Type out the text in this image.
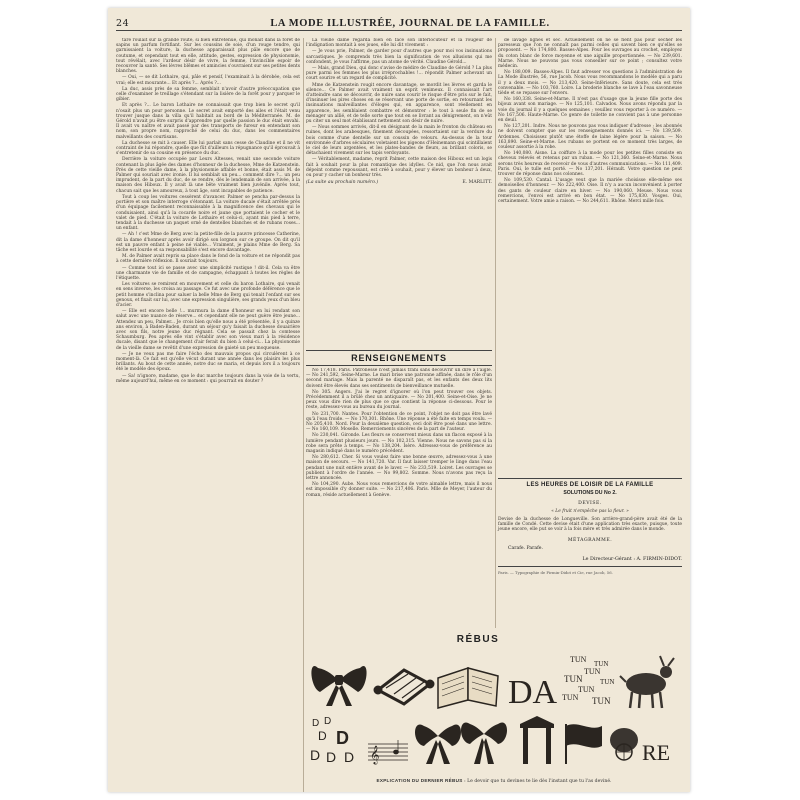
24	LA MODE ILLUSTRÉE, JOURNAL DE LA FAMILLE.

tare roulait sur la grande route, si bien entretenue, qui monait dans la forêt de sapins un parfum fortifiant. Sur les coussins de soie, d'un rouge tendre, qui garnissaient la voiture, la duchesse apparaissait plus pâle encore que de coutume, et cependant tout en elle, attitude, gestes, expression de physionomie, tout révélait, avec l'ardeur désir de vivre, la femme, l'invincible espoir de recouvrer la santé. Ses lèvres blêmes et amincies s'ouvraient sur ses petites dents blanches.

— Oui, — se dit Lothaire, qui, pâle et pensif, l'examinait à la dérobée, cela est vrai; elle est mourante... Et après ?... Après ?...

La duc, assis près de sa femme, semblait n'avoir d'autre préoccupation que celle d'examiner le treillage s'étendant sur la lisière de la forêt pour y parquer le gibier.

Et après ?... Le baron Lothaire ne connaissait que trop bien le secret qu'il n'osait plus un pour personne. Le secret avait emporté des ailes et l'était venu trouver jusque dans la villa qu'il habitait au bord de la Méditerranée. M. de Gérold n'avait pu être surpris d'apprendre par quelle passion le duc était envahi. Il avait vu naître et avait passé par des transports de fureur en entendant son nom, son propre nom, rapproché de celui du duc, dans les commentaires malveillants des courtisans.

La duchesse se mit à causer. Elle lui parlait sans cesse de Claudine et il ne vit contraint de lui répondre, quelle que fût d'ailleurs la répugnance qu'il éprouvait à s'entretenir de sa cousine en présence du duc.

Derrière la voiture occupée par Leurs Altesses, venait une seconde voiture contenant la plus âgée des dames d'honneur de la duchesse, Mme de Katzenstein. Près de cette vieille dame, à la physionomie affable et bonne, était assis M. de Palmer qui souriait avec ironie. Il lui semblait un peu... comment dire ?... un peu imprudent, de la part du duc, de se rendre, dès le lendemain de son arrivée, à la maison des Hiboux. Il y avait là une bête vraiment bien juvénile. Après tout, chacun sait que les amoureux, à tout âge, sont incapables de patience.

Tout à coup les voitures cessèrent d'avancer. Palmer se pencha par-dessus la portière et son maître interroge s'étonnant. La voiture ducale s'était arrêtée près d'un équipage facilement reconnaissable à la magnificence des chevaux qui le conduisaient, ainsi qu'à la cocarde noire et jaune que portaient le cocher et le valet de pied. C'était la voiture de Lothaire et celui-ci, ayant mis pied à terre, tendait à la duchesse un paquet orné de dentelles blanches et de rubans roses... un enfant.

— Ah ! c'est Mme de Berg avec la petite-fille de la pauvre princesse Catherine, dit la dame d'honneur après avoir dirigé son lorgnon sur ce groupe. On dit qu'il est un pauvre enfant à peine né viable... Vraiment, je plains Mme de Berg. Sa tâche est lourde et sa responsabilité s'est encore davantage.

M. de Palmer avait repris sa place dans le fond de la voiture et ne répondit pas à cette dernière réflexion. Il souriait toujours.

— Comme tout ici se passe avec une simplicité rustique ! dit-il. Cela va être une charmante vie de famille et de campagne, échappant à toutes les règles de l'étiquette.

Les voitures se remirent en mouvement et celle du baron Lothaire, qui venait en sens inverse, les croisa au passage. Ce fut avec une profonde déférence que le petit homme s'inclina pour saluer la belle Mme de Berg qui tenait l'enfant sur ses genoux, et fixait sur lui, avec une expression singulière, ses grands yeux d'un bleu d'acier.

— Elle est encore belle !... murmura la dame d'honneur en lui rendant son salut avec une nuance de réserve... et cependant elle ne peut guère être jeune... Attendez un peu, Palmer... Je crois bien qu'elle nous a été présentée, il y a quinze ans environ, à Baden-Baden, durant un séjour qu'y faisait la duchesse douairière avec son fils, notre jeune duc régnant. Cela se passait chez la comtesse Schaumburg. Peu après elle vint s'établir avec son vieux mari à la résidence ducale, disant que le changement d'air ferait du bien à celui-ci... La physionomie de la vieille dame se revêtit d'une expression de gaieté un peu moqueuse.

— Je ne veux pas me faire l'écho des mauvais propos qui circulèrent à ce moment-là. Ce fait est qu'elle vécut durant une année dans les plaisirs les plus brillants. Au bout de cette année, notre duc se maria, et depuis lors il a toujours été le modèle des époux.

— Sa! n'ignore, madame, que le duc marche toujours dans la voie de la vertu, même aujourd'hui, même en ce moment : qui pourrait en douter ?

La vieille dame regarda bien en face son interlocuteur et la rougeur de l'indignation montait à ses joues, elle lui dit vivement :

— Je vous prie, Palmer, de garder pour d'autres que pour moi vos insinuations sarcastiques. Je comprends très bien la signification de vos allusions qui me confondent, je vous l'affirme, pas un atome de vérité. Claudine Gérold...

— Mais, grand Dieu, qui donc s'avise de médire de Claudine de Gérold ? La plus pure parmi les femmes les plus irréprochables !... répondit Palmer achevant un court sourire et un regard de complicité.

Mme de Katzenstein rougit encore davantage, se mordit les lèvres et garda le silence... Ce Palmer avait vraiment un esprit venimeux. Il connaissait l'art d'atteindre sans se découvrir, de nuire sans courir le risque d'être pris sur le fait, d'insinuer les pires choses en se réservant une porte de sortie, en retournant les insinuations malveillantes d'éloges qui, en apparence, sont réellement en apparence, les semblaient combattre et démontrer : le tout à seule fin de se ménager un allié, et de telle sorte que tout en se livrant au dénigrement, on n'eût pu citer un seul mot établissant nettement son désir de nuire.

— Nous sommes arrivés, dit-il en désignant de la main le fronton du château en ruines, dont les arabesques, finement découpées, ressortaient sur la verdure du bois comme d'une dentelle sur un coussin de velours. Au-dessus de la tour environnée d'arbres séculaires voletaient les pigeons d'Heinemann qui scintillaient le ciel de leurs argentées, et les plates-bandes de fleurs, au brillant coloris, se détachaient vivement sur les tapis verdoyants.

— Véritablement, madame, reprit Palmer, cette maison des Hiboux est un logis fait à souhait pour la plus romantique des idylles. Ce nid, que l'on nous avait dépeint comme repoussant, est créé à souhait, pour y élever un bonheur à deux, ou pour y cacher un bonheur très.

(La suite au prochain numéro.)	E. MARLITT.
RENSEIGNEMENTS

No 17,418. Paris. Patronesse n'est jamais trahi sans découvrir un dire à l'aigle. — No 241,592, Seine-Marne. Le mari brise une patronne affinée, dans le rôle d'un second mariage. Mais la parenté ne disparaît pas, et les enfants des deux lits doivent être élevés dans ses sentiments de bienveillance mutuelle.

No 305. Angers. J'ai le regret d'ignorer où l'on peut trouver ces objets. Précédemment il a brûlé chez un antiquaire. — No 201,400. Seine-et-Oise. Je ne peux vous dire rien de plus que ce que contient la réponse ci-dessous. Pour le reste, adressez-vous au bureau du journal.

No 231,700. Nantes. Pour l'obtention de ce point, l'objet ne doit pas être lavé qu'à l'eau froide. — No 170,301. Rhône. Une réponse a été faite en temps voulu. — No 205,410. Nord. Pour la deuxième question, ceci doit être posé dans une lettre. — No 160,109. Moselle. Remerciements sincères de la part de l'auteur.

No 230,041. Gironde. Les fleurs se conservent mieux dans un flacon exposé à la lumière pendant plusieurs jours. — No 102,315. Vienne. Nous ne savons pas si la robe sera prête à temps. — No 138,204. Isère. Adressez-vous de préférence au magasin indiqué dans le numéro précédent.

No 280,612. Cher. Si vous voulez faire une bonne œuvre, adressez-vous à une maison de secours. — No 141,720. Var. Il faut laisser tremper le linge dans l'eau pendant une nuit entière avant de le laver. — No 233,519. Loiret. Les ouvrages se publient à l'ordre de l'année. — No 99,802. Somme. Nous n'avons pas reçu la lettre annoncée.

No 104,290. Aube. Nous vous remercions de votre aimable lettre, mais il nous est impossible d'y donner suite. — No 217,406. Paris. Mlle de Meyer, l'auteur du roman, réside actuellement à Genève.

de lavage lignes et sec. Actuellement on ne se fient pas pour sécher les paresseux que l'on ne connaît pas parmi celles qui savent bien ce qu'elles se proposent. — No 174,800. Basses-Alpes. Pour les ouvrages au crochet, employez du coton blanc de force moyenne et une aiguille proportionnée. — No 239,601. Marne. Nous ne pouvons pas vous conseiller sur ce point ; consultez votre médecin.

No 188,009. Basses-Alpes. Il faut adresser vos questions à l'administration de La Mode illustrée, 56, rue Jacob. Nous vous recommandons le modèle qui a paru il y a deux mois. — No 213,420. Seine-Inférieure. Sans doute, cela est très convenable. — No 103,760. Loire. La broderie blanche se lave à l'eau savonneuse tiède et se repasse sur l'envers.

No 160,338. Seine-et-Marne. Il n'est pas d'usage que la jeune fille porte des bijoux avant son mariage. — No 125,101. Calvados. Nous avons répondu par la voie du journal il y a quelques semaines ; veuillez vous reporter à ce numéro. — No 167,506. Haute-Marne. Ce genre de toilette ne convient pas à une personne en deuil.

No 127,201. Indre. Nous ne pouvons pas vous indiquer d'adresse ; les abonnés ne doivent compter que sur les renseignements donnés ici. — No 139,509. Ardennes. Choisissez plutôt une étoffe de laine légère pour la saison. — No 163,890. Seine-et-Marne. Les rubans se portent en ce moment très larges, de couleur assortie à la robe.

No 140,080. Aisne. La coiffure à la mode pour les petites filles consiste en cheveux relevés et retenus par un ruban. — No 121,360. Seine-et-Marne. Nous serons très heureux de recevoir de vous d'autres communications. — No 111,409. Paris. Oui, le tulle est porté. — No 137,201. Hérault. Votre question ne peut trouver de réponse dans nos colonnes.

No 109,530. Cantal. L'usage veut que la mariée choisisse elle-même ses demoiselles d'honneur. — No 222,400. Oise. Il n'y a aucun inconvénient à porter des gants de couleur claire en hiver. — No 190,060. Meuse. Nous vous remercions, l'envoi est arrivé en bon état. — No 175,830. Vosges. Oui, certainement. Votre amie a raison. — No 244,611. Rhône. Merci mille fois.

LES HEURES DE LOISIR DE LA FAMILLE
SOLUTIONS DU No 2.
DEVISE.
« Le fruit n'empêche pas la fleur. »
Devise de la duchesse de Longueville. Son arrière-grand-père avait été de la famille de Condé. Cette devise était d'une application très exacte, puisque, toute jeune encore, elle put se voir à la fois mère et très admirée dans le monde.
MÉTAGRAMME.
Carafe. Parafe.
Le Directeur-Gérant : A. FIRMIN-DIDOT.
Paris. — Typographie de Firmin-Didot et Cie, rue Jacob, 56.
RÉBUS
DA
TUN TUN
TUN
TUN	TUN
TUN
TUN TUN
D D
D D
D D D 𝄞	RE
EXPLICATION DU DERNIER RÉBUS : Le devoir que tu devines te lie dès l'instant que tu l'as deviné.
